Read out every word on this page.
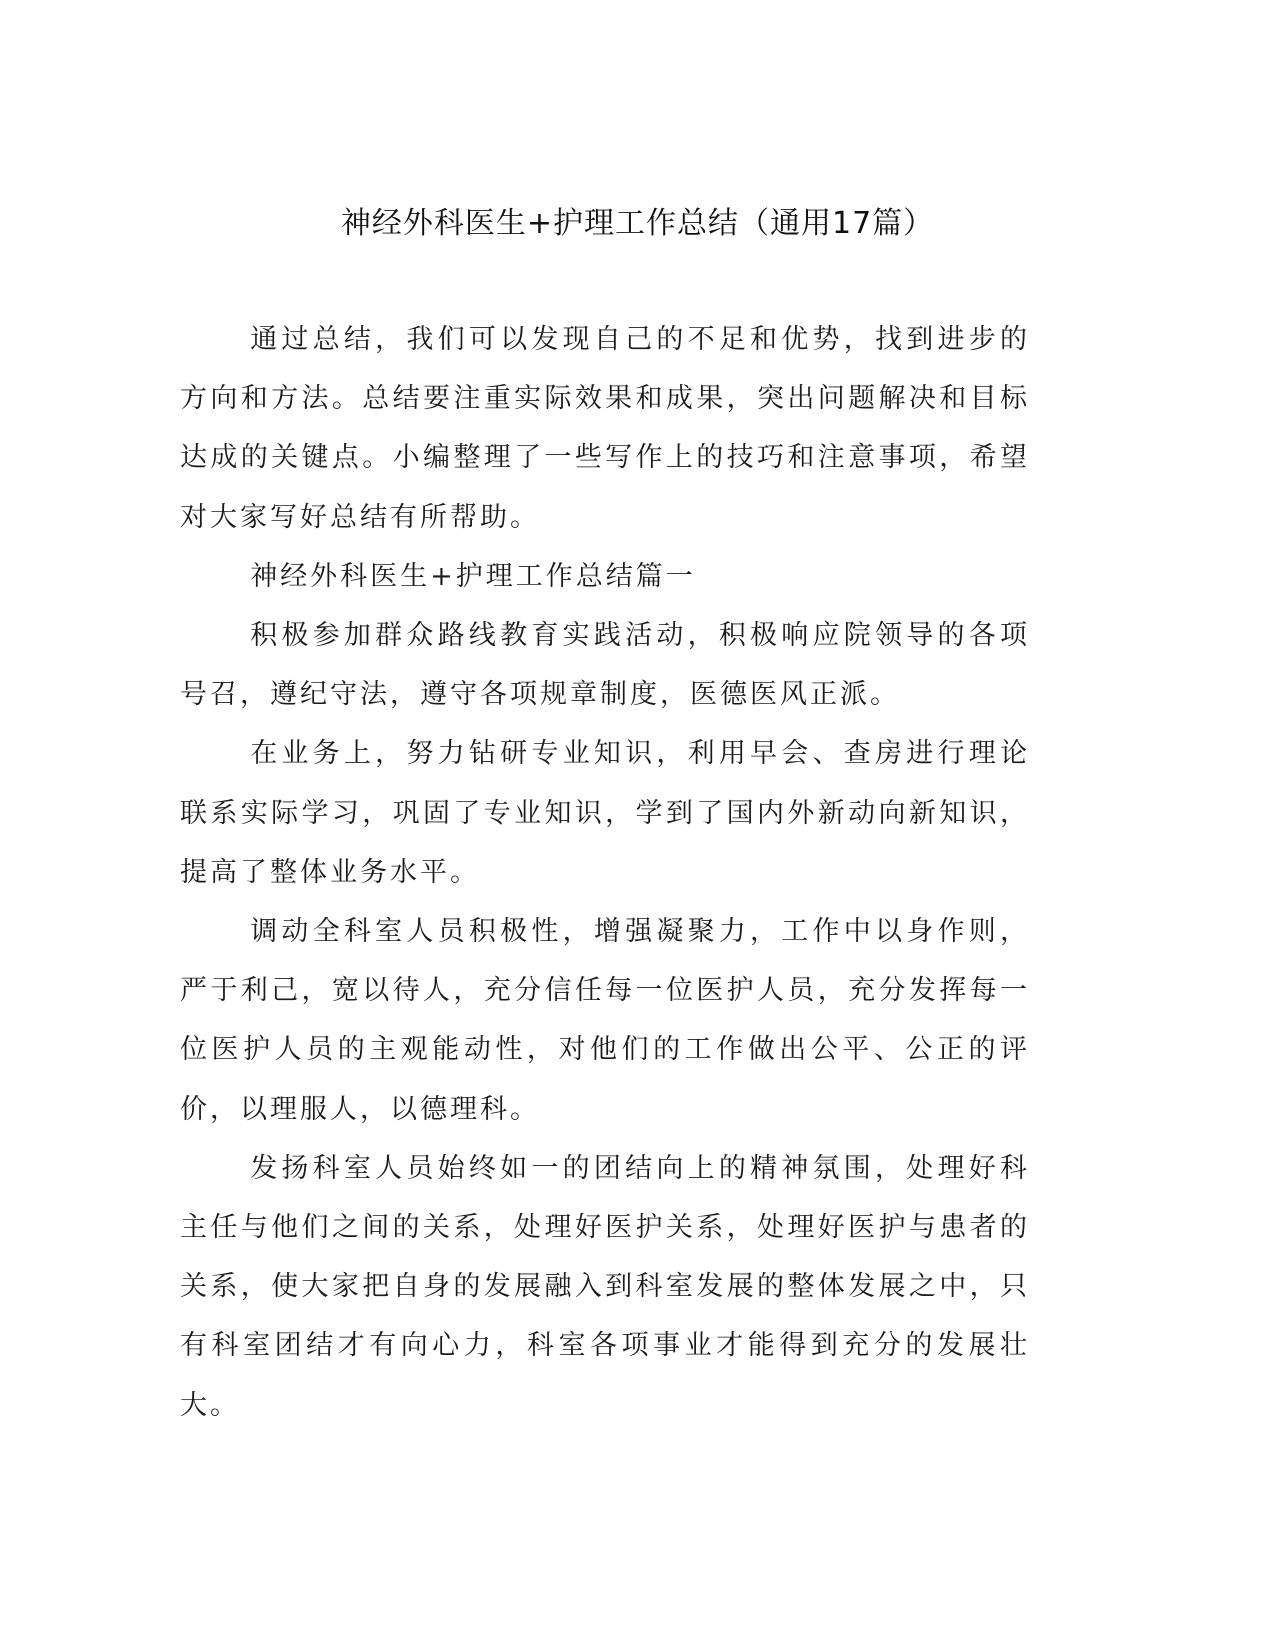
神经外科医生+护理工作总结（通用17篇）

通过总结，我们可以发现自己的不足和优势，找到进步的方向和方法。总结要注重实际效果和成果，突出问题解决和目标达成的关键点。小编整理了一些写作上的技巧和注意事项，希望对大家写好总结有所帮助。

神经外科医生+护理工作总结篇一

积极参加群众路线教育实践活动，积极响应院领导的各项号召，遵纪守法，遵守各项规章制度，医德医风正派。

在业务上，努力钻研专业知识，利用早会、查房进行理论联系实际学习，巩固了专业知识，学到了国内外新动向新知识，提高了整体业务水平。

调动全科室人员积极性，增强凝聚力，工作中以身作则，严于利己，宽以待人，充分信任每一位医护人员，充分发挥每一位医护人员的主观能动性，对他们的工作做出公平、公正的评价，以理服人，以德理科。

发扬科室人员始终如一的团结向上的精神氛围，处理好科主任与他们之间的关系，处理好医护关系，处理好医护与患者的关系，使大家把自身的发展融入到科室发展的整体发展之中，只有科室团结才有向心力，科室各项事业才能得到充分的发展壮大。
